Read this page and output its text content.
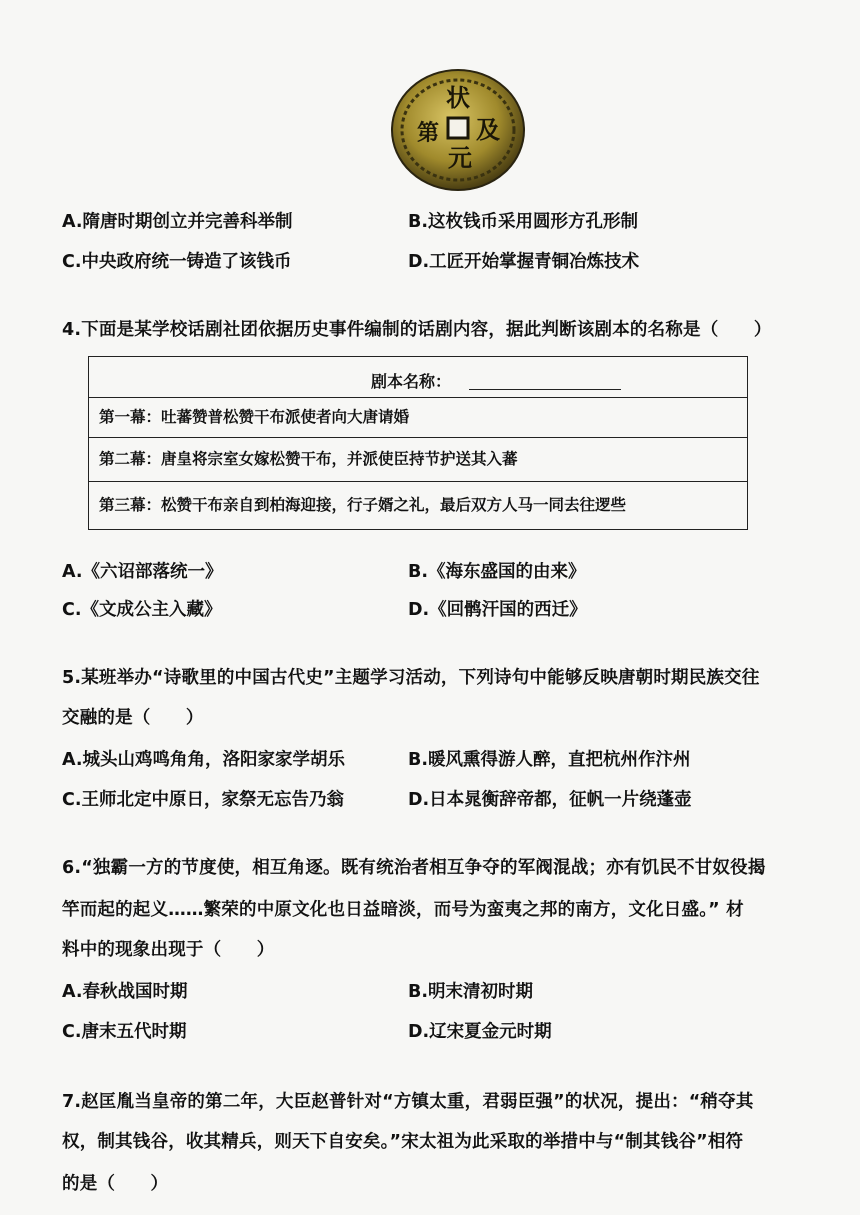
状
元
及
第
A.隋唐时期创立并完善科举制	B.这枚钱币采用圆形方孔形制
C.中央政府统一铸造了该钱币	D.工匠开始掌握青铜冶炼技术
4.下面是某学校话剧社团依据历史事件编制的话剧内容，据此判断该剧本的名称是（　　）
剧本名称：
第一幕：吐蕃赞普松赞干布派使者向大唐请婚
第二幕：唐皇将宗室女嫁松赞干布，并派使臣持节护送其入蕃
第三幕：松赞干布亲自到柏海迎接，行子婿之礼，最后双方人马一同去往逻些
A.《六诏部落统一》	B.《海东盛国的由来》
C.《文成公主入藏》	D.《回鹘汗国的西迁》
5.某班举办“诗歌里的中国古代史”主题学习活动，下列诗句中能够反映唐朝时期民族交往
交融的是（　　）
A.城头山鸡鸣角角，洛阳家家学胡乐	B.暖风熏得游人醉，直把杭州作汴州
C.王师北定中原日，家祭无忘告乃翁	D.日本晁衡辞帝都，征帆一片绕蓬壶
6.“独霸一方的节度使，相互角逐。既有统治者相互争夺的军阀混战；亦有饥民不甘奴役揭
竿而起的起义……繁荣的中原文化也日益暗淡，而号为蛮夷之邦的南方，文化日盛。” 材
料中的现象出现于（　　）
A.春秋战国时期	B.明末清初时期
C.唐末五代时期	D.辽宋夏金元时期
7.赵匡胤当皇帝的第二年，大臣赵普针对“方镇太重，君弱臣强”的状况，提出：“稍夺其
权，制其钱谷，收其精兵，则天下自安矣。”宋太祖为此采取的举措中与“制其钱谷”相符
的是（　　）
